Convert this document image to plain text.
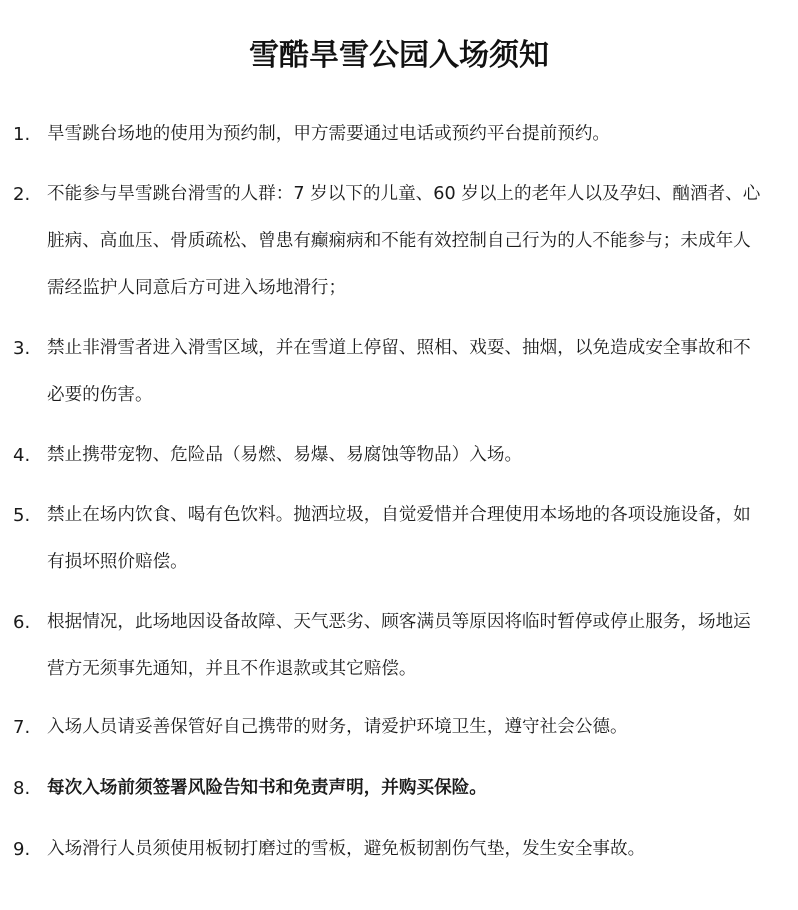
雪酷旱雪公园入场须知
1. 旱雪跳台场地的使用为预约制，甲方需要通过电话或预约平台提前预约。
2. 不能参与旱雪跳台滑雪的人群：7 岁以下的儿童、60 岁以上的老年人以及孕妇、酗酒者、心脏病、高血压、骨质疏松、曾患有癫痫病和不能有效控制自己行为的人不能参与；未成年人需经监护人同意后方可进入场地滑行；
3. 禁止非滑雪者进入滑雪区域，并在雪道上停留、照相、戏耍、抽烟，以免造成安全事故和不必要的伤害。
4. 禁止携带宠物、危险品（易燃、易爆、易腐蚀等物品）入场。
5. 禁止在场内饮食、喝有色饮料。抛洒垃圾，自觉爱惜并合理使用本场地的各项设施设备，如有损坏照价赔偿。
6. 根据情况，此场地因设备故障、天气恶劣、顾客满员等原因将临时暂停或停止服务，场地运营方无须事先通知，并且不作退款或其它赔偿。
7. 入场人员请妥善保管好自己携带的财务，请爱护环境卫生，遵守社会公德。
8. 每次入场前须签署风险告知书和免责声明，并购买保险。
9. 入场滑行人员须使用板韧打磨过的雪板，避免板韧割伤气垫，发生安全事故。
